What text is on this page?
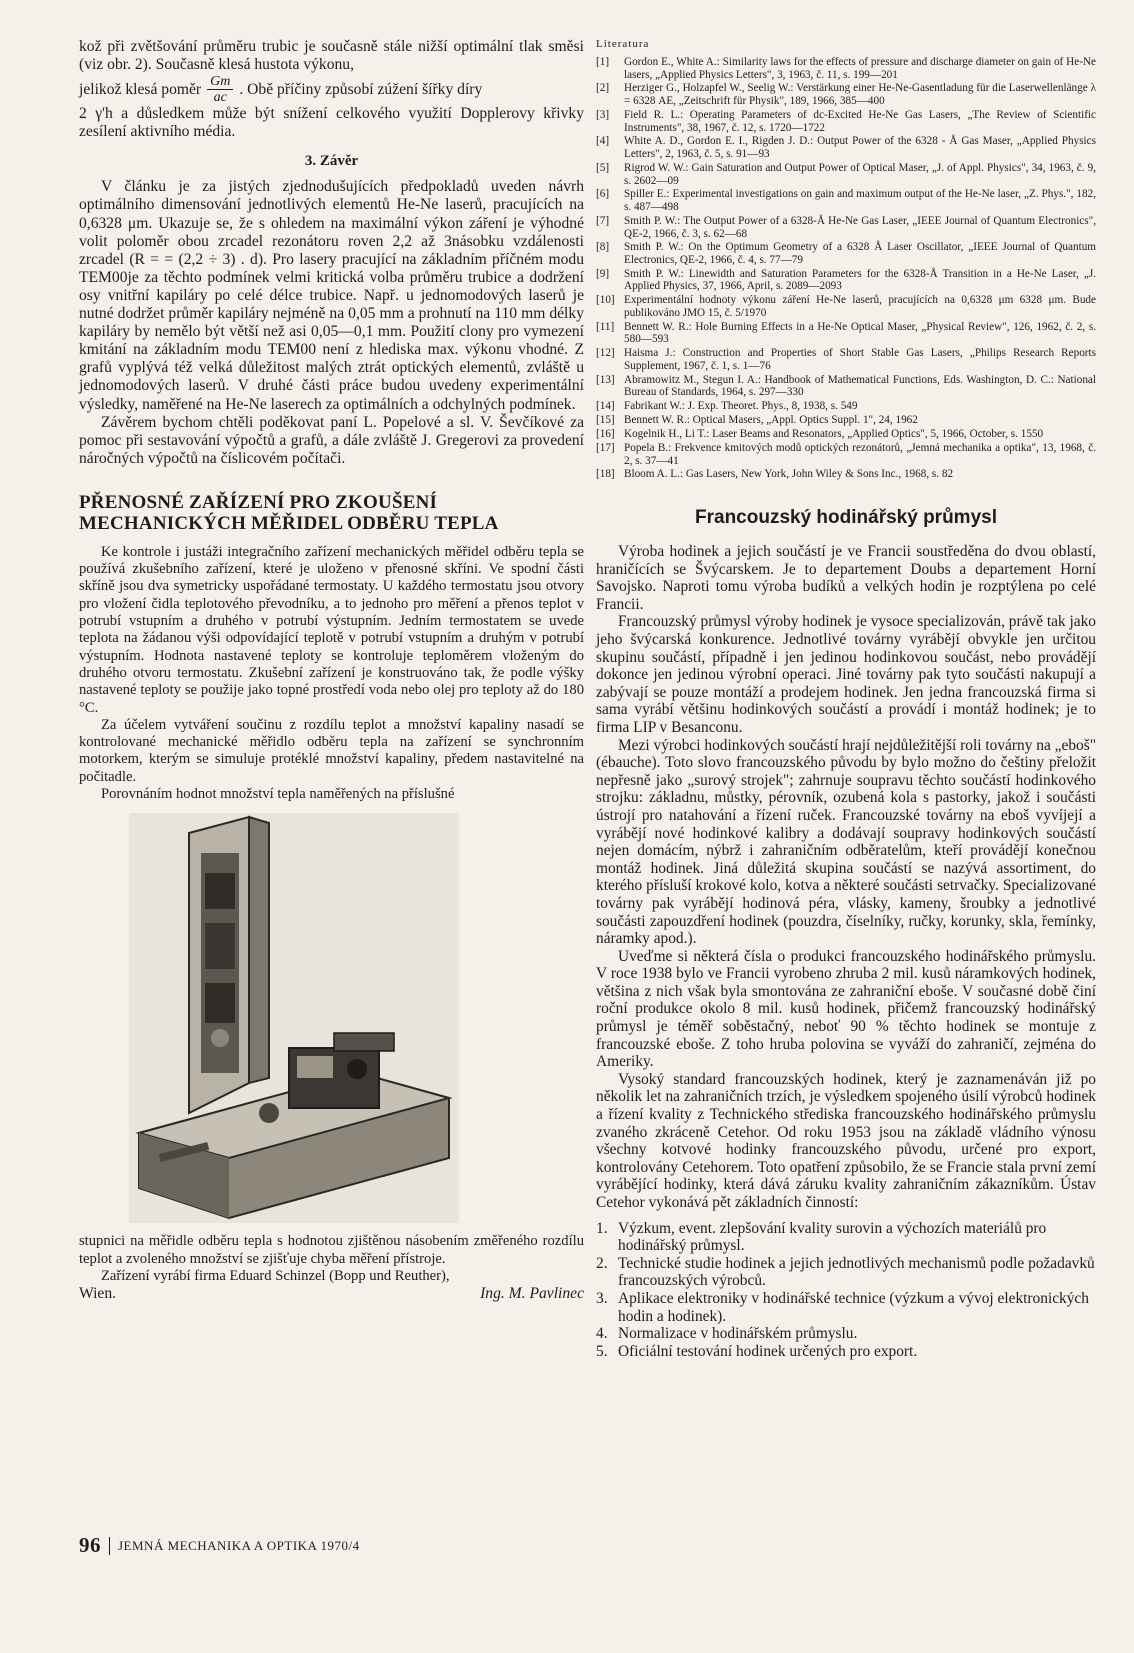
kož při zvětšování průměru trubic je současně stále nižší optimální tlak směsi (viz obr. 2). Současně klesá hustota výkonu,

jelikož klesá poměr $\frac{Gm}{ac}$ . Obě příčiny způsobí zúžení šířky díry

2 γ'h a důsledkem může být snížení celkového využití Dopplerovy křivky zesílení aktivního média.

3. Závěr

V článku je za jistých zjednodušujících předpokladů uveden návrh optimálního dimensování jednotlivých elementů He-Ne laserů, pracujících na 0,6328 μm. Ukazuje se, že s ohledem na maximální výkon záření je výhodné volit poloměr obou zrcadel rezonátoru roven 2,2 až 3násobku vzdálenosti zrcadel (R = = (2,2 ÷ 3) . d). Pro lasery pracující na základním příčném modu TEM00je za těchto podmínek velmi kritická volba průměru trubice a dodržení osy vnitřní kapiláry po celé délce trubice. Např. u jednomodových laserů je nutné dodržet průměr kapiláry nejméně na 0,05 mm a prohnutí na 110 mm délky kapiláry by nemělo být větší než asi 0,05—0,1 mm. Použití clony pro vymezení kmitání na základním modu TEM00 není z hlediska max. výkonu vhodné. Z grafů vyplývá též velká důležitost malých ztrát optických elementů, zvláště u jednomodových laserů. V druhé části práce budou uvedeny experimentální výsledky, naměřené na He-Ne laserech za optimálních a odchylných podmínek.

Závěrem bychom chtěli poděkovat paní L. Popelové a sl. V. Ševčíkové za pomoc při sestavování výpočtů a grafů, a dále zvláště J. Gregerovi za provedení náročných výpočtů na číslicovém počítači.

PŘENOSNÉ ZAŘÍZENÍ PRO ZKOUŠENÍ
MECHANICKÝCH MĚŘIDEL ODBĚRU TEPLA

Ke kontrole i justáži integračního zařízení mechanických měřidel odběru tepla se používá zkušebního zařízení, které je uloženo v přenosné skříni. Ve spodní části skříně jsou dva symetricky uspořádané termostaty. U každého termostatu jsou otvory pro vložení čidla teplotového převodníku, a to jednoho pro měření a přenos teplot v potrubí vstupním a druhého v potrubí výstupním. Jedním termostatem se uvede teplota na žádanou výši odpovídající teplotě v potrubí vstupním a druhým v potrubí výstupním. Hodnota nastavené teploty se kontroluje teploměrem vloženým do druhého otvoru termostatu. Zkušební zařízení je konstruováno tak, že podle výšky nastavené teploty se použije jako topné prostředí voda nebo olej pro teploty až do 180 °C.

Za účelem vytváření součinu z rozdílu teplot a množství kapaliny nasadí se kontrolované mechanické měřidlo odběru tepla na zařízení se synchronním motorkem, kterým se simuluje protéklé množství kapaliny, předem nastavitelné na počitadle.

Porovnáním hodnot množství tepla naměřených na příslušné

stupnici na měřidle odběru tepla s hodnotou zjištěnou násobením změřeného rozdílu teplot a zvoleného množství se zjišťuje chyba měření přístroje.

Zařízení vyrábí firma Eduard Schinzel (Bopp und Reuther),

Wien.	Ing. M. Pavlinec
Literatura
[1]	Gordon E., White A.: Similarity laws for the effects of pressure and discharge diameter on gain of He-Ne lasers, „Applied Physics Letters", 3, 1963, č. 11, s. 199—201
[2]	Herziger G., Holzapfel W., Seelig W.: Verstärkung einer He-Ne-Gasentladung für die Laserwellenlänge λ = 6328 AE, „Zeitschrift für Physik", 189, 1966, 385—400
[3]	Field R. L.: Operating Parameters of dc-Excited He-Ne Gas Lasers, „The Review of Scientific Instruments", 38, 1967, č. 12, s. 1720—1722
[4]	White A. D., Gordon E. I., Rigden J. D.: Output Power of the 6328 - Å Gas Maser, „Applied Physics Letters", 2, 1963, č. 5, s. 91—93
[5]	Rigrod W. W.: Gain Saturation and Output Power of Optical Maser, „J. of Appl. Physics", 34, 1963, č. 9, s. 2602—09
[6]	Spiller E.: Experimental investigations on gain and maximum output of the He-Ne laser, „Z. Phys.", 182, s. 487—498
[7]	Smith P. W.: The Output Power of a 6328-Å He-Ne Gas Laser, „IEEE Journal of Quantum Electronics", QE-2, 1966, č. 3, s. 62—68
[8]	Smith P. W.: On the Optimum Geometry of a 6328 Å Laser Oscillator, „IEEE Journal of Quantum Electronics, QE-2, 1966, č. 4, s. 77—79
[9]	Smith P. W.: Linewidth and Saturation Parameters for the 6328-Å Transition in a He-Ne Laser, „J. Applied Physics, 37, 1966, April, s. 2089—2093
[10] Experimentální hodnoty výkonu záření He-Ne laserů, pracujících na 0,6328 μm 6328 μm. Bude publikováno JMO 15, č. 5/1970
[11] Bennett W. R.: Hole Burning Effects in a He-Ne Optical Maser, „Physical Review", 126, 1962, č. 2, s. 580—593
[12] Haisma J.: Construction and Properties of Short Stable Gas Lasers, „Philips Research Reports Supplement, 1967, č. 1, s. 1—76
[13] Abramowitz M., Stegun I. A.: Handbook of Mathematical Functions, Eds. Washington, D. C.: National Bureau of Standards, 1964, s. 297—330
[14] Fabrikant W.: J. Exp. Theoret. Phys., 8, 1938, s. 549
[15] Bennett W. R.: Optical Masers, „Appl. Optics Suppl. 1", 24, 1962
[16] Kogelnik H., Li T.: Laser Beams and Resonators, „Applied Optics", 5, 1966, October, s. 1550
[17] Popela B.: Frekvence kmitových modů optických rezonátorů, „Jemná mechanika a optika", 13, 1968, č. 2, s. 37—41
[18] Bloom A. L.: Gas Lasers, New York, John Wiley & Sons Inc., 1968, s. 82
Francouzský hodinářský průmysl

Výroba hodinek a jejich součástí je ve Francii soustředěna do dvou oblastí, hraničících se Švýcarskem. Je to departement Doubs a departement Horní Savojsko. Naproti tomu výroba budíků a velkých hodin je rozptýlena po celé Francii.

Francouzský průmysl výroby hodinek je vysoce specializován, právě tak jako jeho švýcarská konkurence. Jednotlivé továrny vyrábějí obvykle jen určitou skupinu součástí, případně i jen jedinou hodinkovou součást, nebo provádějí dokonce jen jedinou výrobní operaci. Jiné továrny pak tyto součásti nakupují a zabývají se pouze montáží a prodejem hodinek. Jen jedna francouzská firma si sama vyrábí většinu hodinkových součástí a provádí i montáž hodinek; je to firma LIP v Besanconu.

Mezi výrobci hodinkových součástí hrají nejdůležitější roli továrny na „eboš" (ébauche). Toto slovo francouzského původu by bylo možno do češtiny přeložit nepřesně jako „surový strojek"; zahrnuje soupravu těchto součástí hodinkového strojku: základnu, můstky, pérovník, ozubená kola s pastorky, jakož i součásti ústrojí pro natahování a řízení ruček. Francouzské továrny na eboš vyvíjejí a vyrábějí nové hodinkové kalibry a dodávají soupravy hodinkových součástí nejen domácím, nýbrž i zahraničním odběratelům, kteří provádějí konečnou montáž hodinek. Jiná důležitá skupina součástí se nazývá assortiment, do kterého přísluší krokové kolo, kotva a některé součásti setrvačky. Specializované továrny pak vyrábějí hodinová péra, vlásky, kameny, šroubky a jednotlivé součásti zapouzdření hodinek (pouzdra, číselníky, ručky, korunky, skla, řemínky, náramky apod.).

Uveďme si některá čísla o produkci francouzského hodinářského průmyslu. V roce 1938 bylo ve Francii vyrobeno zhruba 2 mil. kusů náramkových hodinek, většina z nich však byla smontována ze zahraniční eboše. V současné době činí roční produkce okolo 8 mil. kusů hodinek, přičemž francouzský hodinářský průmysl je téměř soběstačný, neboť 90 % těchto hodinek se montuje z francouzské eboše. Z toho hruba polovina se vyváží do zahraničí, zejména do Ameriky.

Vysoký standard francouzských hodinek, který je zaznamenáván již po několik let na zahraničních trzích, je výsledkem spojeného úsilí výrobců hodinek a řízení kvality z Technického střediska francouzského hodinářského průmyslu zvaného zkráceně Cetehor. Od roku 1953 jsou na základě vládního výnosu všechny kotvové hodinky francouzského původu, určené pro export, kontrolovány Cetehorem. Toto opatření způsobilo, že se Francie stala první zemí vyrábějící hodinky, která dává záruku kvality zahraničním zákazníkům. Ústav Cetehor vykonává pět základních činností:

1. Výzkum, event. zlepšování kvality surovin a výchozích materiálů pro hodinářský průmysl.
2. Technické studie hodinek a jejich jednotlivých mechanismů podle požadavků francouzských výrobců.
3. Aplikace elektroniky v hodinářské technice (výzkum a vývoj elektronických hodin a hodinek).
4. Normalizace v hodinářském průmyslu.
5. Oficiální testování hodinek určených pro export.
96 JEMNÁ MECHANIKA A OPTIKA 1970/4
